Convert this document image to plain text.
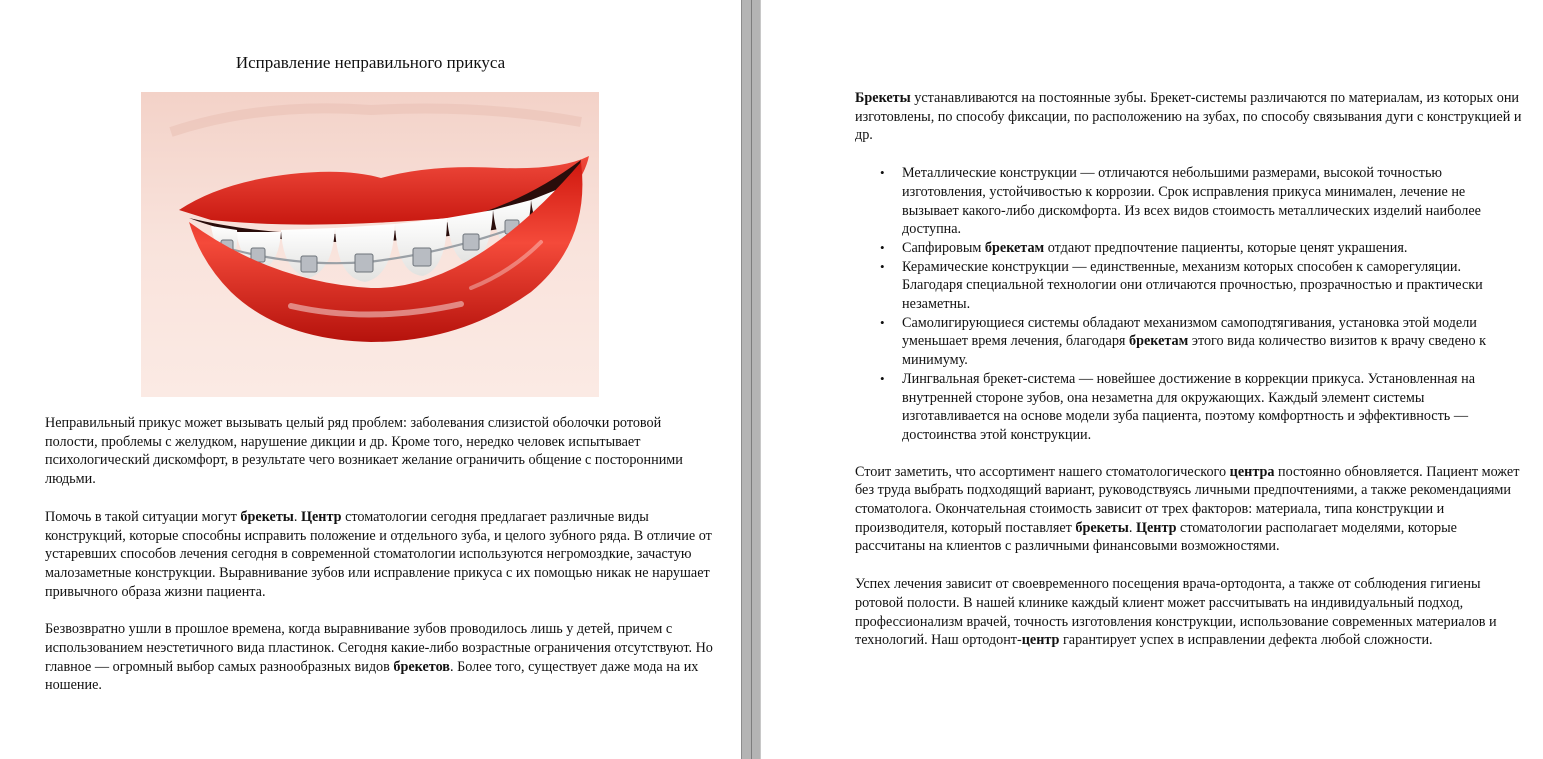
Исправление неправильного прикуса

Неправильный прикус может вызывать целый ряд проблем: заболевания слизистой оболочки ротовой полости, проблемы с желудком, нарушение дикции и др. Кроме того, нередко человек испытывает психологический дискомфорт, в результате чего возникает желание ограничить общение с посторонними людьми.

Помочь в такой ситуации могут брекеты. Центр стоматологии сегодня предлагает различные виды конструкций, которые способны исправить положение и отдельного зуба, и целого зубного ряда. В отличие от устаревших способов лечения сегодня в современной стоматологии используются негромоздкие, зачастую малозаметные конструкции. Выравнивание зубов или исправление прикуса с их помощью никак не нарушает привычного образа жизни пациента.

Безвозвратно ушли в прошлое времена, когда выравнивание зубов проводилось лишь у детей, причем с использованием неэстетичного вида пластинок. Сегодня какие-либо возрастные ограничения отсутствуют. Но главное — огромный выбор самых разнообразных видов брекетов. Более того, существует даже мода на их ношение.

Брекеты устанавливаются на постоянные зубы. Брекет-системы различаются по материалам, из которых они изготовлены, по способу фиксации, по расположению на зубах, по способу связывания дуги с конструкцией и др.

• Металлические конструкции — отличаются небольшими размерами, высокой точностью изготовления, устойчивостью к коррозии. Срок исправления прикуса минимален, лечение не вызывает какого-либо дискомфорта. Из всех видов стоимость металлических изделий наиболее доступна.
• Сапфировым брекетам отдают предпочтение пациенты, которые ценят украшения.
• Керамические конструкции — единственные, механизм которых способен к саморегуляции. Благодаря специальной технологии они отличаются прочностью, прозрачностью и практически незаметны.
• Самолигирующиеся системы обладают механизмом самоподтягивания, установка этой модели уменьшает время лечения, благодаря брекетам этого вида количество визитов к врачу сведено к минимуму.
• Лингвальная брекет-система — новейшее достижение в коррекции прикуса. Установленная на внутренней стороне зубов, она незаметна для окружающих. Каждый элемент системы изготавливается на основе модели зуба пациента, поэтому комфортность и эффективность — достоинства этой конструкции.

Стоит заметить, что ассортимент нашего стоматологического центра постоянно обновляется. Пациент может без труда выбрать подходящий вариант, руководствуясь личными предпочтениями, а также рекомендациями стоматолога. Окончательная стоимость зависит от трех факторов: материала, типа конструкции и производителя, который поставляет брекеты. Центр стоматологии располагает моделями, которые рассчитаны на клиентов с различными финансовыми возможностями.

Успех лечения зависит от своевременного посещения врача-ортодонта, а также от соблюдения гигиены ротовой полости. В нашей клинике каждый клиент может рассчитывать на индивидуальный подход, профессионализм врачей, точность изготовления конструкции, использование современных материалов и технологий. Наш ортодонт-центр гарантирует успех в исправлении дефекта любой сложности.
